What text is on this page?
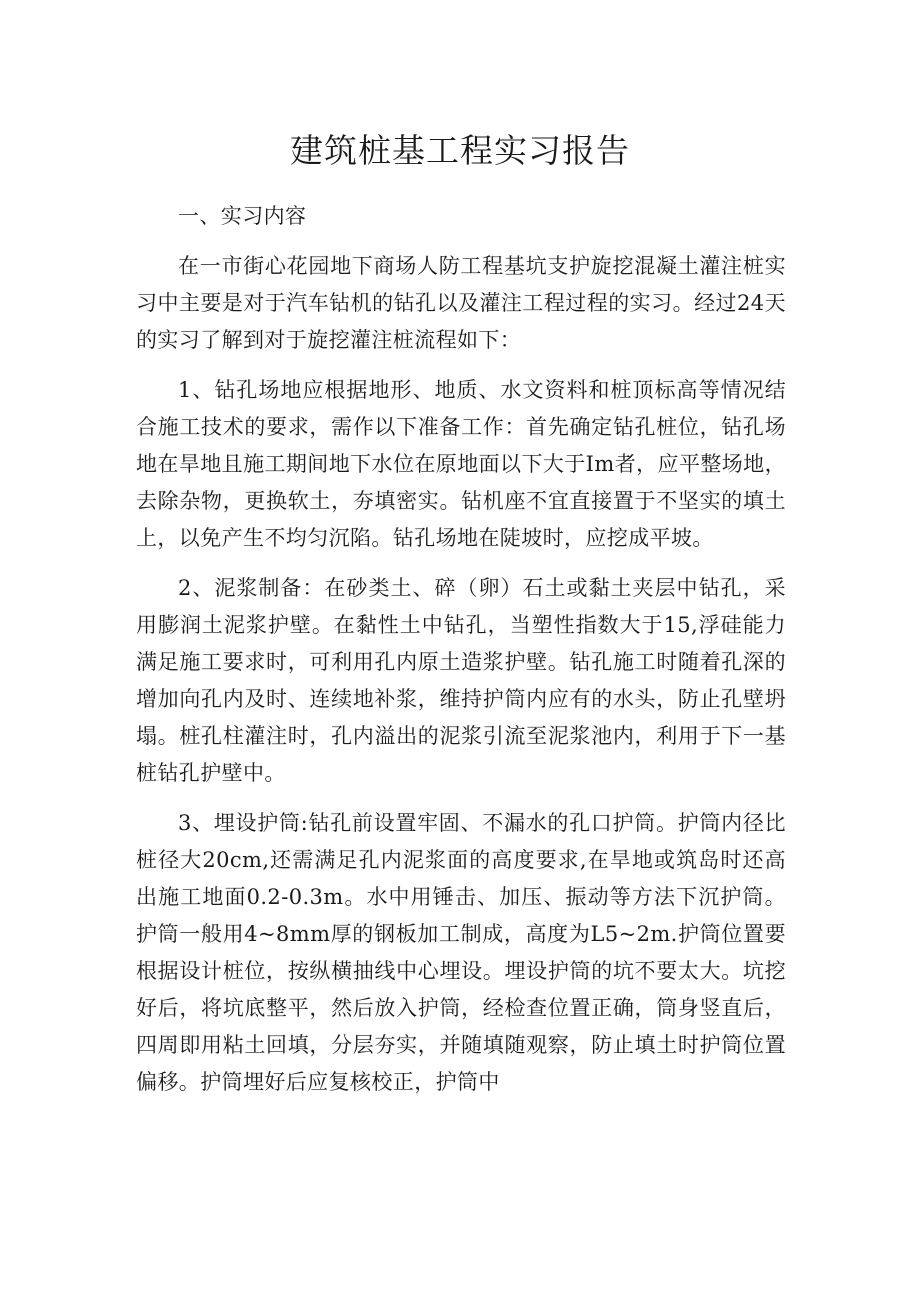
建筑桩基工程实习报告

一、实习内容

在一市街心花园地下商场人防工程基坑支护旋挖混凝土灌注桩实习中主要是对于汽车钻机的钻孔以及灌注工程过程的实习。经过24天的实习了解到对于旋挖灌注桩流程如下：

1、钻孔场地应根据地形、地质、水文资料和桩顶标高等情况结合施工技术的要求，需作以下准备工作：首先确定钻孔桩位，钻孔场地在旱地且施工期间地下水位在原地面以下大于Im者，应平整场地，去除杂物，更换软土，夯填密实。钻机座不宜直接置于不坚实的填土上，以免产生不均匀沉陷。钻孔场地在陡坡时，应挖成平坡。

2、泥浆制备：在砂类土、碎（卵）石土或黏土夹层中钻孔，采用膨润土泥浆护壁。在黏性土中钻孔，当塑性指数大于15,浮硅能力满足施工要求时，可利用孔内原土造浆护壁。钻孔施工时随着孔深的增加向孔内及时、连续地补浆，维持护筒内应有的水头，防止孔壁坍塌。桩孔柱灌注时，孔内溢出的泥浆引流至泥浆池内，利用于下一基桩钻孔护壁中。

3、埋设护筒:钻孔前设置牢固、不漏水的孔口护筒。护筒内径比桩径大20cm,还需满足孔内泥浆面的高度要求,在旱地或筑岛时还高出施工地面0.2-0.3m。水中用锤击、加压、振动等方法下沉护筒。护筒一般用4~8mm厚的钢板加工制成，高度为L5~2m.护筒位置要根据设计桩位，按纵横抽线中心埋设。埋设护筒的坑不要太大。坑挖好后，将坑底整平，然后放入护筒，经检查位置正确，筒身竖直后，四周即用粘土回填，分层夯实，并随填随观察，防止填土时护筒位置偏移。护筒埋好后应复核校正，护筒中
